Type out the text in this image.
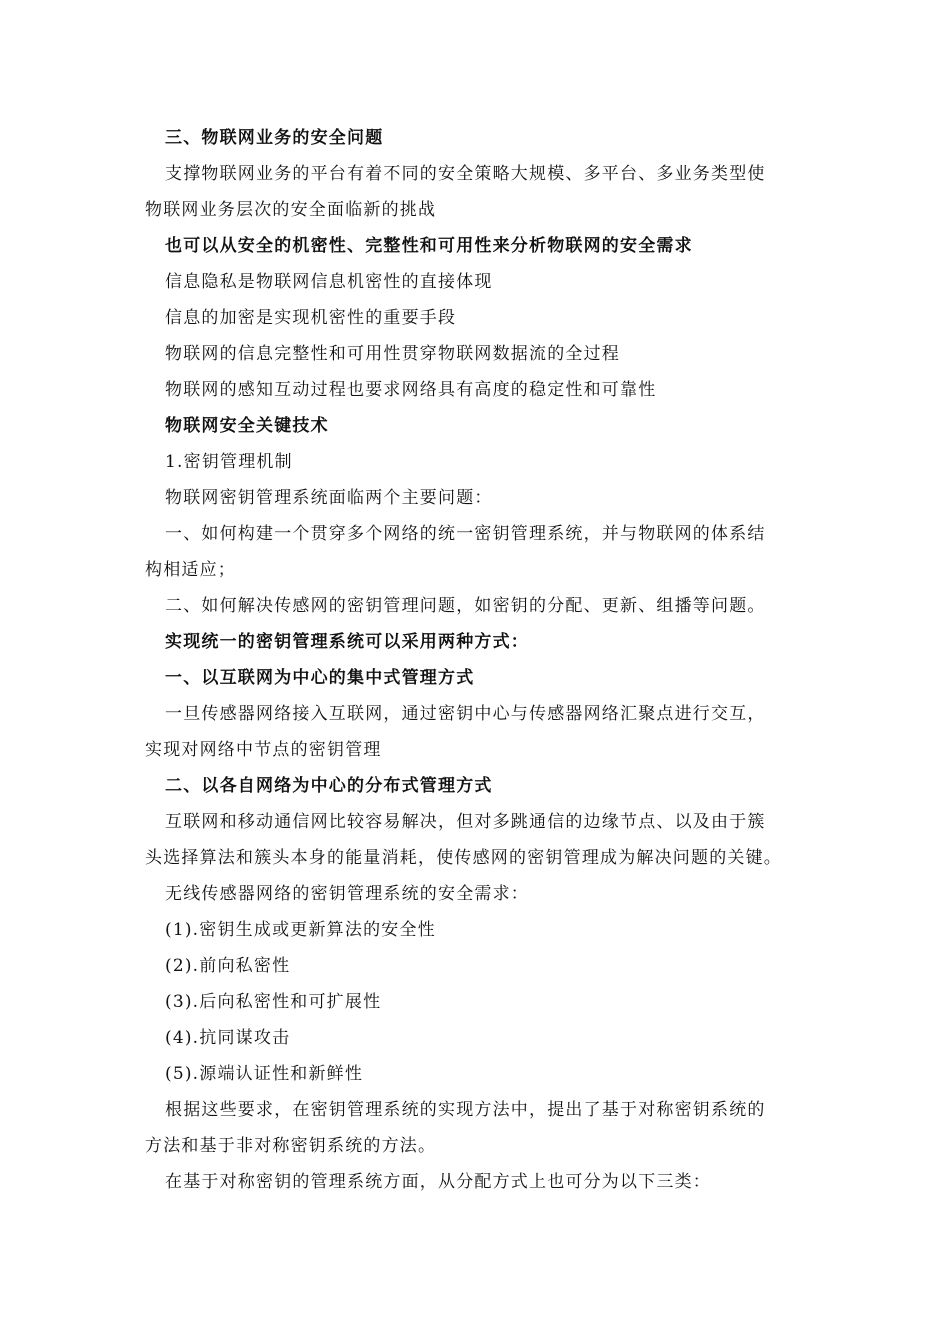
三、物联网业务的安全问题
支撑物联网业务的平台有着不同的安全策略大规模、多平台、多业务类型使
物联网业务层次的安全面临新的挑战
也可以从安全的机密性、完整性和可用性来分析物联网的安全需求
信息隐私是物联网信息机密性的直接体现
信息的加密是实现机密性的重要手段
物联网的信息完整性和可用性贯穿物联网数据流的全过程
物联网的感知互动过程也要求网络具有高度的稳定性和可靠性
物联网安全关键技术
1.密钥管理机制
物联网密钥管理系统面临两个主要问题：
一、如何构建一个贯穿多个网络的统一密钥管理系统，并与物联网的体系结
构相适应；
二、如何解决传感网的密钥管理问题，如密钥的分配、更新、组播等问题。
实现统一的密钥管理系统可以采用两种方式：
一、以互联网为中心的集中式管理方式
一旦传感器网络接入互联网，通过密钥中心与传感器网络汇聚点进行交互，
实现对网络中节点的密钥管理
二、以各自网络为中心的分布式管理方式
互联网和移动通信网比较容易解决，但对多跳通信的边缘节点、以及由于簇
头选择算法和簇头本身的能量消耗，使传感网的密钥管理成为解决问题的关键。
无线传感器网络的密钥管理系统的安全需求：
(1).密钥生成或更新算法的安全性
(2).前向私密性
(3).后向私密性和可扩展性
(4).抗同谋攻击
(5).源端认证性和新鲜性
根据这些要求，在密钥管理系统的实现方法中，提出了基于对称密钥系统的
方法和基于非对称密钥系统的方法。
在基于对称密钥的管理系统方面，从分配方式上也可分为以下三类：
